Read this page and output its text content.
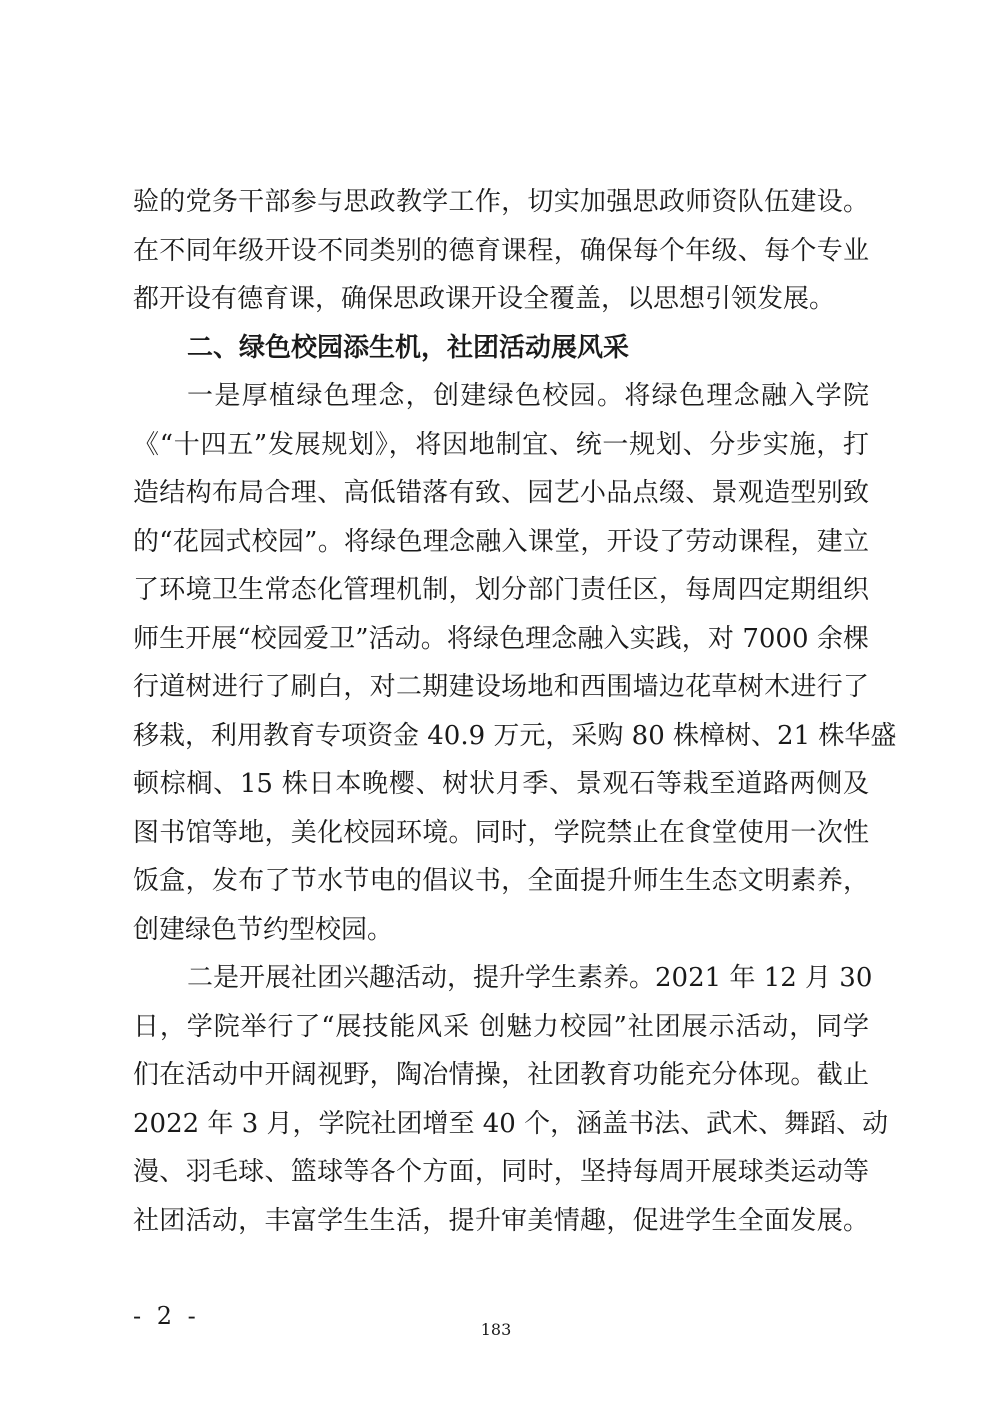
验的党务干部参与思政教学工作，切实加强思政师资队伍建设。
在不同年级开设不同类别的德育课程，确保每个年级、每个专业
都开设有德育课，确保思政课开设全覆盖，以思想引领发展。
二、绿色校园添生机，社团活动展风采
一是厚植绿色理念，创建绿色校园。将绿色理念融入学院
《“十四五”发展规划》，将因地制宜、统一规划、分步实施，打
造结构布局合理、高低错落有致、园艺小品点缀、景观造型别致
的“花园式校园”。将绿色理念融入课堂，开设了劳动课程，建立
了环境卫生常态化管理机制，划分部门责任区，每周四定期组织
师生开展“校园爱卫”活动。将绿色理念融入实践，对 7000 余棵
行道树进行了刷白，对二期建设场地和西围墙边花草树木进行了
移栽，利用教育专项资金 40.9 万元，采购 80 株樟树、21 株华盛
顿棕榈、15 株日本晚樱、树状月季、景观石等栽至道路两侧及
图书馆等地，美化校园环境。同时，学院禁止在食堂使用一次性
饭盒，发布了节水节电的倡议书，全面提升师生生态文明素养，
创建绿色节约型校园。
二是开展社团兴趣活动，提升学生素养。2021 年 12 月 30
日，学院举行了“展技能风采 创魅力校园”社团展示活动，同学
们在活动中开阔视野，陶冶情操，社团教育功能充分体现。截止
2022 年 3 月，学院社团增至 40 个，涵盖书法、武术、舞蹈、动
漫、羽毛球、篮球等各个方面，同时，坚持每周开展球类运动等
社团活动，丰富学生生活，提升审美情趣，促进学生全面发展。
- 2 -	183
